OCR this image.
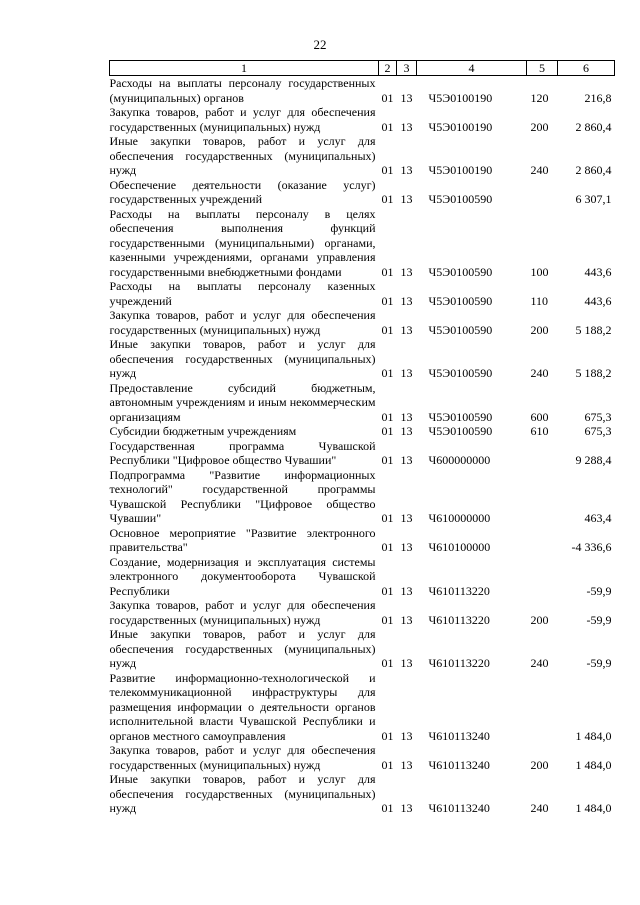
22
1	2	3	4	5	6
Расходы на выплаты персоналу государственных (муниципальных) органов	01	13	Ч5Э0100190	120	216,8
Закупка товаров, работ и услуг для обеспечения государственных (муниципальных) нужд	01	13	Ч5Э0100190	200	2 860,4
Иные закупки товаров, работ и услуг для обеспечения государственных (муниципальных) нужд	01	13	Ч5Э0100190	240	2 860,4
Обеспечение деятельности (оказание услуг) государственных учреждений	01	13	Ч5Э0100590		6 307,1
Расходы на выплаты персоналу в целях обеспечения выполнения функций государственными (муниципальными) органами, казенными учреждениями, органами управления государственными внебюджетными фондами	01	13	Ч5Э0100590	100	443,6
Расходы на выплаты персоналу казенных учреждений	01	13	Ч5Э0100590	110	443,6
Закупка товаров, работ и услуг для обеспечения государственных (муниципальных) нужд	01	13	Ч5Э0100590	200	5 188,2
Иные закупки товаров, работ и услуг для обеспечения государственных (муниципальных) нужд	01	13	Ч5Э0100590	240	5 188,2
Предоставление субсидий бюджетным, автономным учреждениям и иным некоммерческим организациям	01	13	Ч5Э0100590	600	675,3
Субсидии бюджетным учреждениям	01	13	Ч5Э0100590	610	675,3
Государственная программа Чувашской Республики "Цифровое общество Чувашии"	01	13	Ч600000000		9 288,4
Подпрограмма "Развитие информационных технологий" государственной программы Чувашской Республики "Цифровое общество Чувашии"	01	13	Ч610000000		463,4
Основное мероприятие "Развитие электронного правительства"	01	13	Ч610100000		-4 336,6
Создание, модернизация и эксплуатация системы электронного документооборота Чувашской Республики	01	13	Ч610113220		-59,9
Закупка товаров, работ и услуг для обеспечения государственных (муниципальных) нужд	01	13	Ч610113220	200	-59,9
Иные закупки товаров, работ и услуг для обеспечения государственных (муниципальных) нужд	01	13	Ч610113220	240	-59,9
Развитие информационно-технологической и телекоммуникационной инфраструктуры для размещения информации о деятельности органов исполнительной власти Чувашской Республики и органов местного самоуправления	01	13	Ч610113240		1 484,0
Закупка товаров, работ и услуг для обеспечения государственных (муниципальных) нужд	01	13	Ч610113240	200	1 484,0
Иные закупки товаров, работ и услуг для обеспечения государственных (муниципальных) нужд	01	13	Ч610113240	240	1 484,0
